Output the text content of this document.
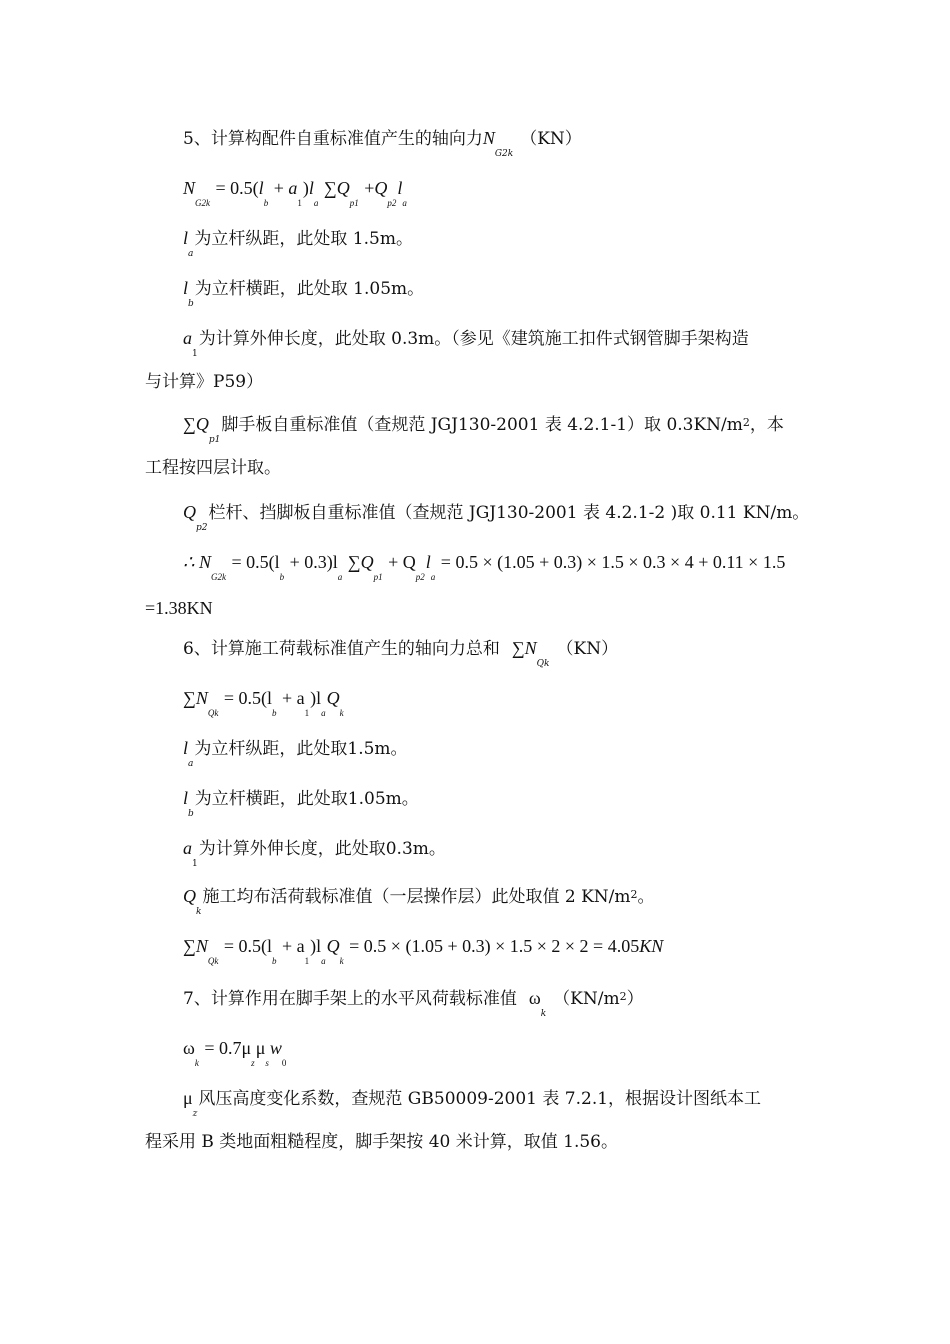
5、计算构配件自重标准值产生的轴向力$N_{G2k}(KN)$
$N_{G2k} = 0.5(l_b + a_1)l_a$ $\sum Q_{p1} +Q_{p2}l_a$
$l_a$为立杆纵距，此处取 1.5m。
$l_b$为立杆横距，此处取 1.05m。
$a_1$为计算外伸长度，此处取 0.3m。（参见《建筑施工扣件式钢管脚手架构造
与计算》P59）
$\sum Q_{p1}$脚手板自重标准值（查规范 JGJ130-2001 表 4.2.1-1）取 $0.3KN/m^2$，本
工程按四层计取。
$Q_{p2}$栏杆、挡脚板自重标准值（查规范 JGJ130-2001 表 4.2.1-2 )取 0.11 KN/m。
∴ $N_{G2k} = 0.5(l_b + 0.3)l_a$ $\sum Q_{p1} + Q_{p2}l_a = 0.5 \times (1.05 + 0.3) \times 1.5 \times 0.3 \times 4 + 0.11 \times 1.5$
=1.38KN
6、计算施工荷载标准值产生的轴向力总和 $\sum N_{Qk}(KN)$
$\sum N_{Qk} = 0.5(l_b + a_1)l_aQ_k$
$l_a$为立杆纵距，此处取1.5m。
$l_b$为立杆横距，此处取1.05m。
$a_1$为计算外伸长度，此处取0.3m。
$Q_k$施工均布活荷载标准值（一层操作层）此处取值 2 $KN/m^2$。
$\sum N_{Qk} = 0.5(l_b + a_1)l_aQ_k = 0.5 \times (1.05 + 0.3) \times 1.5 \times 2 \times 2 = 4.05KN$
7、计算作用在脚手架上的水平风荷载标准值 $\omega_k(KN/m^2)$
$\omega_k = 0.7\mu_z\mu_sw_0$
$\mu_z$风压高度变化系数，查规范 GB50009-2001 表 7.2.1，根据设计图纸本工
程采用 B 类地面粗糙程度，脚手架按 40 米计算，取值 1.56。
